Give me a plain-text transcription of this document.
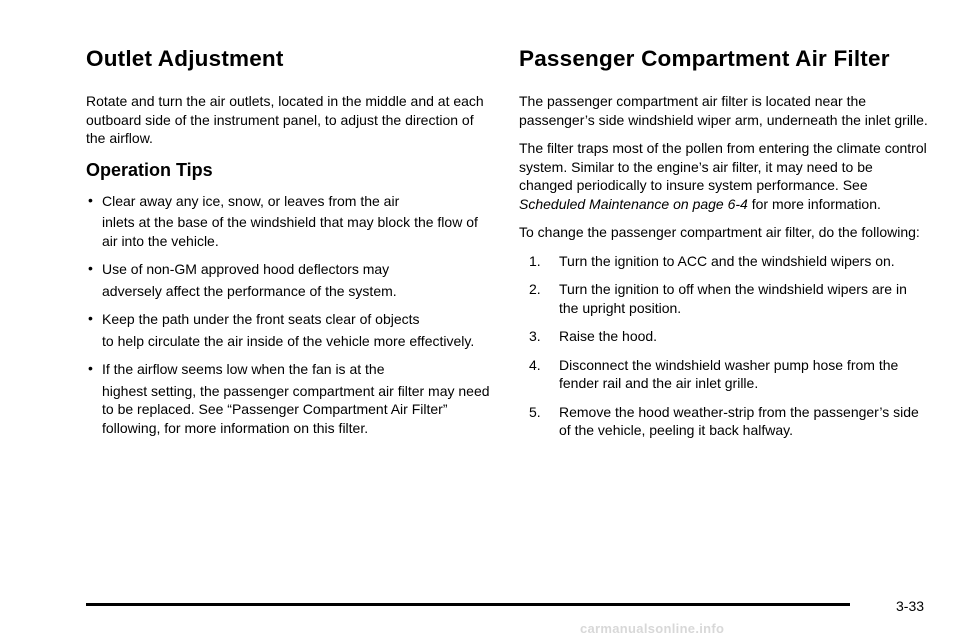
Outlet Adjustment

Rotate and turn the air outlets, located in the middle and at each outboard side of the instrument panel, to adjust the direction of the airflow.

Operation Tips
• Clear away any ice, snow, or leaves from the air
inlets at the base of the windshield that may block the flow of air into the vehicle.
• Use of non-GM approved hood deflectors may
adversely affect the performance of the system.
• Keep the path under the front seats clear of objects
to help circulate the air inside of the vehicle more effectively.
• If the airflow seems low when the fan is at the
highest setting, the passenger compartment air filter may need to be replaced. See “Passenger Compartment Air Filter” following, for more information on this filter.
Passenger Compartment Air Filter

The passenger compartment air filter is located near the passenger’s side windshield wiper arm, underneath the inlet grille.

The filter traps most of the pollen from entering the climate control system. Similar to the engine’s air filter, it may need to be changed periodically to insure system performance. See Scheduled Maintenance on page 6-4 for more information.

To change the passenger compartment air filter, do the following:

1. Turn the ignition to ACC and the windshield wipers on.
2. Turn the ignition to off when the windshield wipers are in the upright position.
3. Raise the hood.
4. Disconnect the windshield washer pump hose from the fender rail and the air inlet grille.
5. Remove the hood weather-strip from the passenger’s side of the vehicle, peeling it back halfway.
3-33
carmanualsonline.info
